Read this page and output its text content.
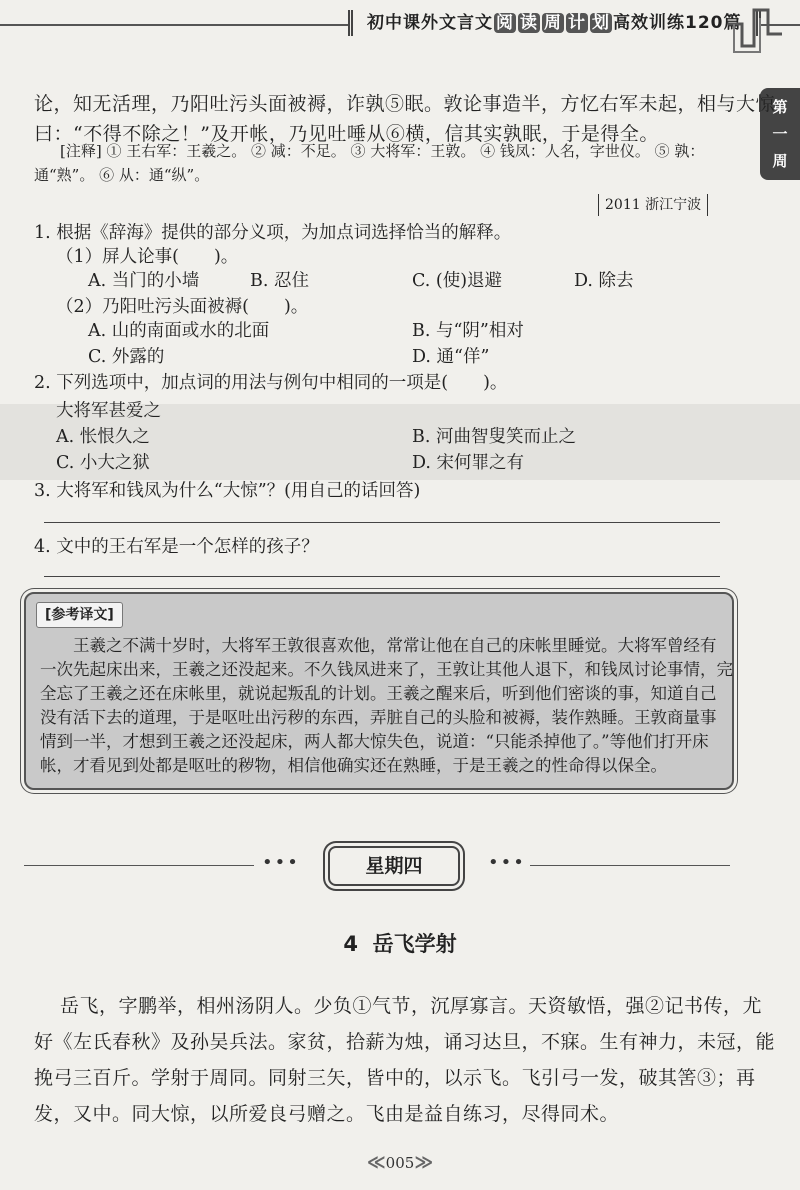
初中课外文言文 阅 读 周 计 划 高效训练120篇
第
一
周
论，知无活理，乃阳吐污头面被褥，诈孰⑤眠。敦论事造半，方忆右军未起，相与大惊
曰：“不得不除之！”及开帐，乃见吐唾从⑥横，信其实孰眠，于是得全。
[注释] ① 王右军：王羲之。 ② 减：不足。 ③ 大将军：王敦。 ④ 钱凤：人名，字世仪。 ⑤ 孰：
通“熟”。 ⑥ 从：通“纵”。
2011 浙江宁波
1. 根据《辞海》提供的部分义项，为加点词选择恰当的解释。
（1）屏人论事(　　)。
A. 当门的小墙	B. 忍住	C. (使)退避	D. 除去
（2）乃阳吐污头面被褥(　　)。
A. 山的南面或水的北面	B. 与“阴”相对
C. 外露的	D. 通“佯”
2. 下列选项中，加点词的用法与例句中相同的一项是(　　)。
大将军甚爱之
A. 怅恨久之	B. 河曲智叟笑而止之
C. 小大之狱	D. 宋何罪之有
3. 大将军和钱凤为什么“大惊”？(用自己的话回答)
4. 文中的王右军是一个怎样的孩子？
[参考译文]

　　王羲之不满十岁时，大将军王敦很喜欢他，常常让他在自己的床帐里睡觉。大将军曾经有

一次先起床出来，王羲之还没起来。不久钱凤进来了，王敦让其他人退下，和钱凤讨论事情，完

全忘了王羲之还在床帐里，就说起叛乱的计划。王羲之醒来后，听到他们密谈的事，知道自己

没有活下去的道理，于是呕吐出污秽的东西，弄脏自己的头脸和被褥，装作熟睡。王敦商量事

情到一半，才想到王羲之还没起床，两人都大惊失色，说道：“只能杀掉他了。”等他们打开床

帐，才看见到处都是呕吐的秽物，相信他确实还在熟睡，于是王羲之的性命得以保全。

•••	星期四	•••
4 岳飞学射
岳飞，字鹏举，相州汤阴人。少负①气节，沉厚寡言。天资敏悟，强②记书传，尤
好《左氏春秋》及孙吴兵法。家贫，拾薪为烛，诵习达旦，不寐。生有神力，未冠，能
挽弓三百斤。学射于周同。同射三矢，皆中的，以示飞。飞引弓一发，破其筈③；再
发，又中。同大惊，以所爱良弓赠之。飞由是益自练习，尽得同术。
≪005≫
